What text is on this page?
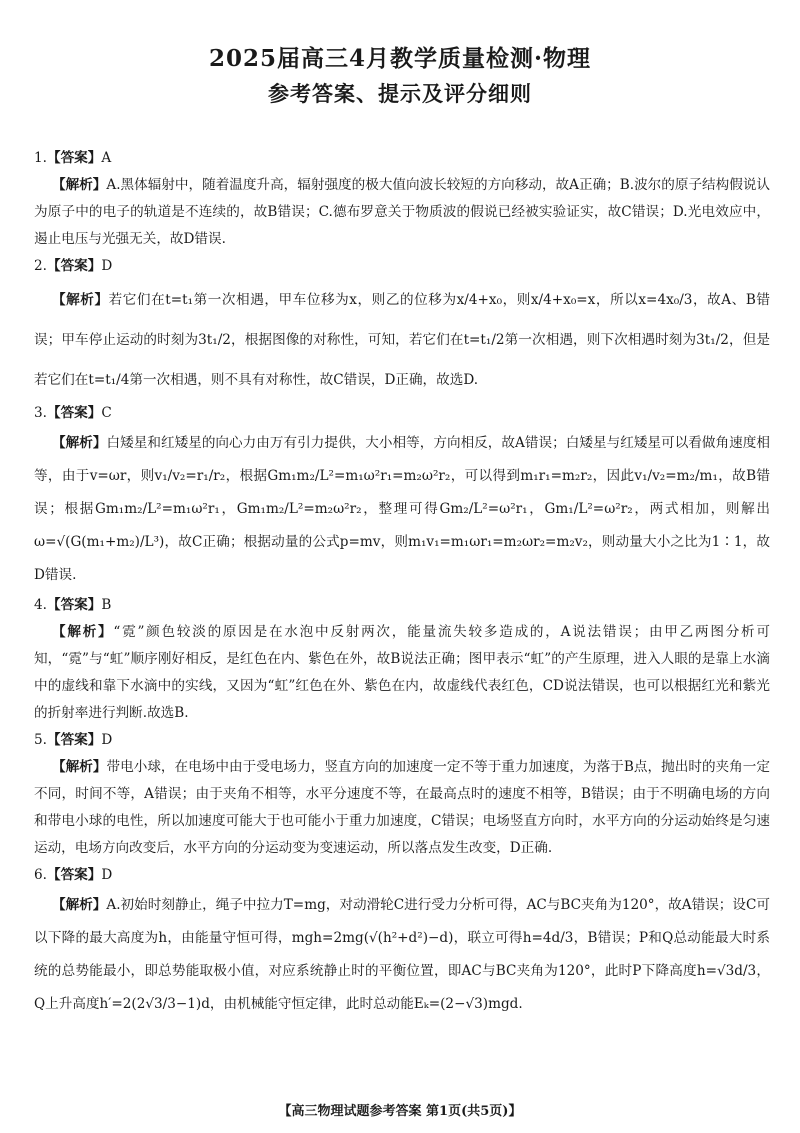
2025届高三4月教学质量检测·物理
参考答案、提示及评分细则

1.【答案】A

【解析】A.黑体辐射中，随着温度升高，辐射强度的极大值向波长较短的方向移动，故A正确；B.波尔的原子结构假说认为原子中的电子的轨道是不连续的，故B错误；C.德布罗意关于物质波的假说已经被实验证实，故C错误；D.光电效应中，遏止电压与光强无关，故D错误.

2.【答案】D

【解析】若它们在t=t₁第一次相遇，甲车位移为x，则乙的位移为x/4+x₀，则x/4+x₀=x，所以x=4x₀/3，故A、B错误；甲车停止运动的时刻为3t₁/2，根据图像的对称性，可知，若它们在t=t₁/2第一次相遇，则下次相遇时刻为3t₁/2，但是若它们在t=t₁/4第一次相遇，则不具有对称性，故C错误，D正确，故选D.

3.【答案】C

【解析】白矮星和红矮星的向心力由万有引力提供，大小相等，方向相反，故A错误；白矮星与红矮星可以看做角速度相等，由于v=ωr，则v₁/v₂=r₁/r₂，根据Gm₁m₂/L²=m₁ω²r₁=m₂ω²r₂，可以得到m₁r₁=m₂r₂，因此v₁/v₂=m₂/m₁，故B错误；根据Gm₁m₂/L²=m₁ω²r₁，Gm₁m₂/L²=m₂ω²r₂，整理可得Gm₂/L²=ω²r₁，Gm₁/L²=ω²r₂，两式相加，则解出ω=√(G(m₁+m₂)/L³)，故C正确；根据动量的公式p=mv，则m₁v₁=m₁ωr₁=m₂ωr₂=m₂v₂，则动量大小之比为1∶1，故D错误.

4.【答案】B

【解析】“霓”颜色较淡的原因是在水泡中反射两次，能量流失较多造成的，A说法错误；由甲乙两图分析可知，“霓”与“虹”顺序刚好相反，是红色在内、紫色在外，故B说法正确；图甲表示“虹”的产生原理，进入人眼的是靠上水滴中的虚线和靠下水滴中的实线，又因为“虹”红色在外、紫色在内，故虚线代表红色，CD说法错误，也可以根据红光和紫光的折射率进行判断.故选B.

5.【答案】D

【解析】带电小球，在电场中由于受电场力，竖直方向的加速度一定不等于重力加速度，为落于B点，抛出时的夹角一定不同，时间不等，A错误；由于夹角不相等，水平分速度不等，在最高点时的速度不相等，B错误；由于不明确电场的方向和带电小球的电性，所以加速度可能大于也可能小于重力加速度，C错误；电场竖直方向时，水平方向的分运动始终是匀速运动，电场方向改变后，水平方向的分运动变为变速运动，所以落点发生改变，D正确.

6.【答案】D

【解析】A.初始时刻静止，绳子中拉力T=mg，对动滑轮C进行受力分析可得，AC与BC夹角为120°，故A错误；设C可以下降的最大高度为h，由能量守恒可得，mgh=2mg(√(h²+d²)−d)，联立可得h=4d/3，B错误；P和Q总动能最大时系统的总势能最小，即总势能取极小值，对应系统静止时的平衡位置，即AC与BC夹角为120°，此时P下降高度h=√3d/3，Q上升高度h′=2(2√3/3−1)d，由机械能守恒定律，此时总动能Eₖ=(2−√3)mgd.

【高三物理试题参考答案 第1页(共5页)】
